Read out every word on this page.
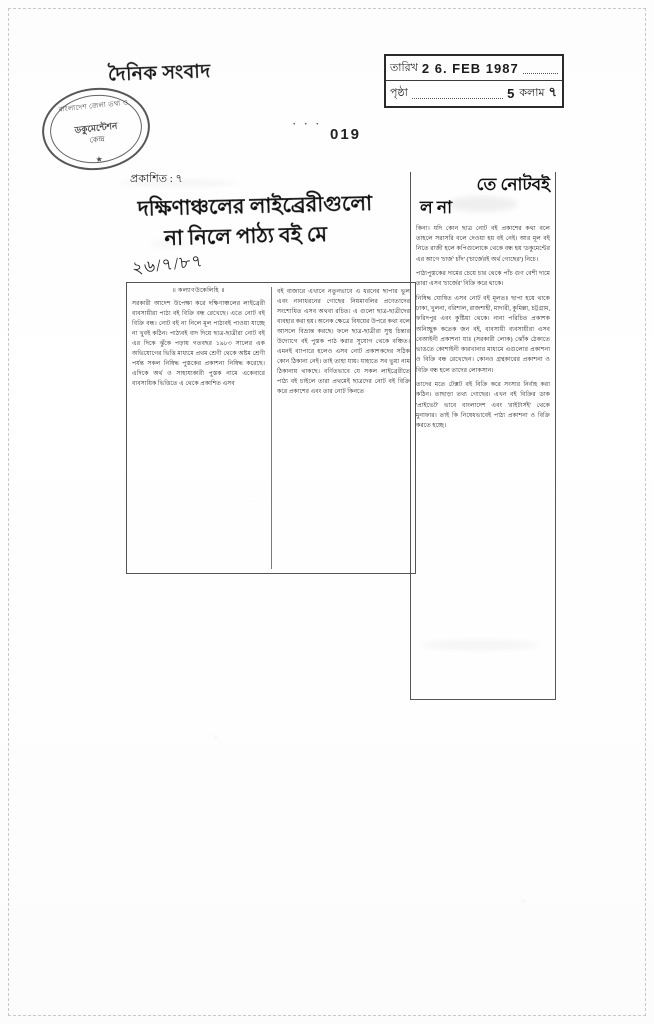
দৈনিক সংবাদ
বাংলাদেশ জেলা তথ্য ও
ডকুমেন্টেশন
কেন্দ্র
★
তারিখ 2 6. FEB 1987
পৃষ্ঠা	5 কলাম ৭
· · ·
019
প্রকাশিত : ৭
দক্ষিণাঞ্চলের লাইব্রেরীগুলো
না নিলে পাঠ্য বই মে
২৬/৭/৮৭
॥ কল্যাণউকেলিহি ॥
সরকারী আদেশ উপেক্ষা করে দক্ষিণাঞ্চলের লাইব্রেরী ব্যবসায়ীরা পাঠ্য বই বিক্রি বন্ধ রেখেছে। এতে নোট বই বিক্রি বন্ধ। নোট বই না নিলে মূল পাঠ্যবই পাওয়া যাচ্ছে না খুবই কঠিন। পাঠ্যবই বাদ দিয়ে ছাত্র-ছাত্রীরা নোট বই এর দিকে ঝুঁকে পড়ায় গতবছর ১৯৮৩ সালের এক অভিযোগের ভিত্তি মাধ্যমে প্রথম শ্রেণী থেকে অষ্টম শ্রেণী পর্যন্ত সকল নিষিদ্ধ পুস্তকের প্রকাশনা নিষিদ্ধ করেছে। এদিকে অর্থ ও সাহায্যকারী পুস্তক নামে একেবারে ব্যবসায়িক ভিত্তিতে এ থেকে প্রকাশিত এসব
বই বাজারে এখানে নতুনভাবে এ ধরনের ছাপার ভুল এবং নানাধরনের গোছের নিয়মাবলির প্রণেতাদের সংশোধিত এসব অথবা রচিত। এ গুলো ছাত্র-ছাত্রীদের ব্যবহার করা হয়। অনেক ক্ষেত্রে বিষয়ের উপরে কথা বলে আসলে বিভ্রান্ত করছে। ফলে ছাত্র-ছাত্রীরা সুস্থ চিন্তার উদ্যোগে বই পুস্তক পাঠ করার সুযোগ থেকে বঞ্চিত। এমনই ব্যাপারে হলেও এসব নোট প্রকাশকদের সঠিক কোন ঠিকানা নেই। তাই তাহা যায়। যাহাতে সব ভুয়া নাম ঠিকানায় থাকছে। বর্ণিতভাবে যে সকল লাইব্রেরীতে পাঠ্য বই চাইলে তারা প্রথমেই ছাত্রদের নোট বই বিক্রি করে প্রকাশের এবং তার নোট কিনতে
তে নোটবই
ল না

কিনা। যদি কোন ছাত্র নোট বই প্রকাশের কথা বলে তাহলে সরাসরি বলে দেওয়া হয় বই নেই। আর মূল বই নিতে রাজী হলে কপিগুলোকে থেকে বন্ধ হয় 'ডকুমেন্টের এর আগে 'চার্জ' চাঁদ' ('চার্জেরই অর্থ গোছের') নিচে।

পাঠ্যপুস্তকের দামের চেয়ে চার থেকে পাঁচ গুণ বেশী দামে তারা এসব 'চার্জের' বিক্রি করে থাকে।

নিষিদ্ধ ঘোষিত এসব নোট বই মূলতঃ ছাপা হয়ে থাকে ঢাকা, খুলনা, বরিশাল, রাজশাহী, মাদারী, কুমিল্লা, চট্টগ্রাম, ফরিদপুর এবং কুষ্টিয়া থেকে। নানা পরিচিত প্রকাশক অনিচ্ছুক কতেক জন বই, ব্যবসায়ী ব্যবসায়ীরা এসব বেআইনী প্রকাশনা যাঃ (সরকারী লোক) ঝোঁক ঠেকাতে ভাঙতে কোশাইনী কারখানার মাধ্যমে এগুলোর প্রকাশনা ও বিক্রি বন্ধ রেখেছেন। কোনও গ্রন্থকারের প্রকাশনা ও বিক্রি বন্ধ হলে তাদের লোকসান।

তাদের মতে টেক্সট বই বিক্রি করে সংসার নির্বাহ করা কঠিন। তাছাড়া তথ্য গোছের। এখন বই বিক্রির ডাক 'প্রাইভেট' ভাবে বাংলাদেশ এবং 'রাইটার্সই' থেকে মুনাফার। তাই কি নিষেধভাবেই পাঠ্য প্রকাশনা ও বিক্রি করতে হচ্ছে।
